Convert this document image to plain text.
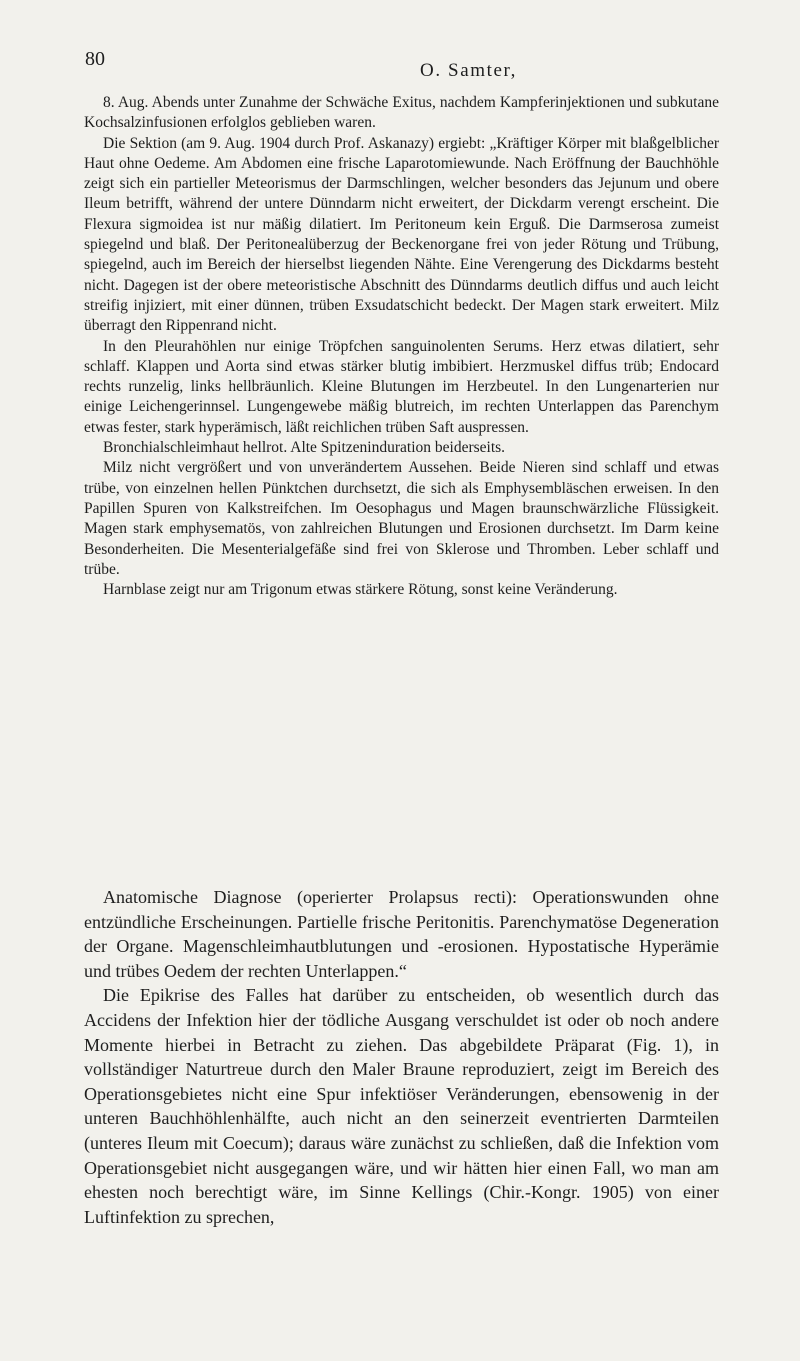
80
O. Samter,

8. Aug. Abends unter Zunahme der Schwäche Exitus, nachdem Kampferinjektionen und subkutane Kochsalzinfusionen erfolglos geblieben waren.

Die Sektion (am 9. Aug. 1904 durch Prof. Askanazy) ergiebt: „Kräftiger Körper mit blaßgelblicher Haut ohne Oedeme. Am Abdomen eine frische Laparotomiewunde. Nach Eröffnung der Bauchhöhle zeigt sich ein partieller Meteorismus der Darmschlingen, welcher besonders das Jejunum und obere Ileum betrifft, während der untere Dünndarm nicht erweitert, der Dickdarm verengt erscheint. Die Flexura sigmoidea ist nur mäßig dilatiert. Im Peritoneum kein Erguß. Die Darmserosa zumeist spiegelnd und blaß. Der Peritonealüberzug der Beckenorgane frei von jeder Rötung und Trübung, spiegelnd, auch im Bereich der hierselbst liegenden Nähte. Eine Verengerung des Dickdarms besteht nicht. Dagegen ist der obere meteoristische Abschnitt des Dünndarms deutlich diffus und auch leicht streifig injiziert, mit einer dünnen, trüben Exsudatschicht bedeckt. Der Magen stark erweitert. Milz überragt den Rippenrand nicht.

In den Pleurahöhlen nur einige Tröpfchen sanguinolenten Serums. Herz etwas dilatiert, sehr schlaff. Klappen und Aorta sind etwas stärker blutig imbibiert. Herzmuskel diffus trüb; Endocard rechts runzelig, links hellbräunlich. Kleine Blutungen im Herzbeutel. In den Lungenarterien nur einige Leichengerinnsel. Lungengewebe mäßig blutreich, im rechten Unterlappen das Parenchym etwas fester, stark hyperämisch, läßt reichlichen trüben Saft auspressen.

Bronchialschleimhaut hellrot. Alte Spitzeninduration beiderseits.

Milz nicht vergrößert und von unverändertem Aussehen. Beide Nieren sind schlaff und etwas trübe, von einzelnen hellen Pünktchen durchsetzt, die sich als Emphysembläschen erweisen. In den Papillen Spuren von Kalkstreifchen. Im Oesophagus und Magen braunschwärzliche Flüssigkeit. Magen stark emphysematös, von zahlreichen Blutungen und Erosionen durchsetzt. Im Darm keine Besonderheiten. Die Mesenterialgefäße sind frei von Sklerose und Thromben. Leber schlaff und trübe.

Harnblase zeigt nur am Trigonum etwas stärkere Rötung, sonst keine Veränderung.

Anatomische Diagnose (operierter Prolapsus recti): Operationswunden ohne entzündliche Erscheinungen. Partielle frische Peritonitis. Parenchymatöse Degeneration der Organe. Magenschleimhautblutungen und -erosionen. Hypostatische Hyperämie und trübes Oedem der rechten Unterlappen.“

Die Epikrise des Falles hat darüber zu entscheiden, ob wesentlich durch das Accidens der Infektion hier der tödliche Ausgang verschuldet ist oder ob noch andere Momente hierbei in Betracht zu ziehen. Das abgebildete Präparat (Fig. 1), in vollständiger Naturtreue durch den Maler Braune reproduziert, zeigt im Bereich des Operationsgebietes nicht eine Spur infektiöser Veränderungen, ebensowenig in der unteren Bauchhöhlenhälfte, auch nicht an den seinerzeit eventrierten Darmteilen (unteres Ileum mit Coecum); daraus wäre zunächst zu schließen, daß die Infektion vom Operationsgebiet nicht ausgegangen wäre, und wir hätten hier einen Fall, wo man am ehesten noch berechtigt wäre, im Sinne Kellings (Chir.-Kongr. 1905) von einer Luftinfektion zu sprechen,
